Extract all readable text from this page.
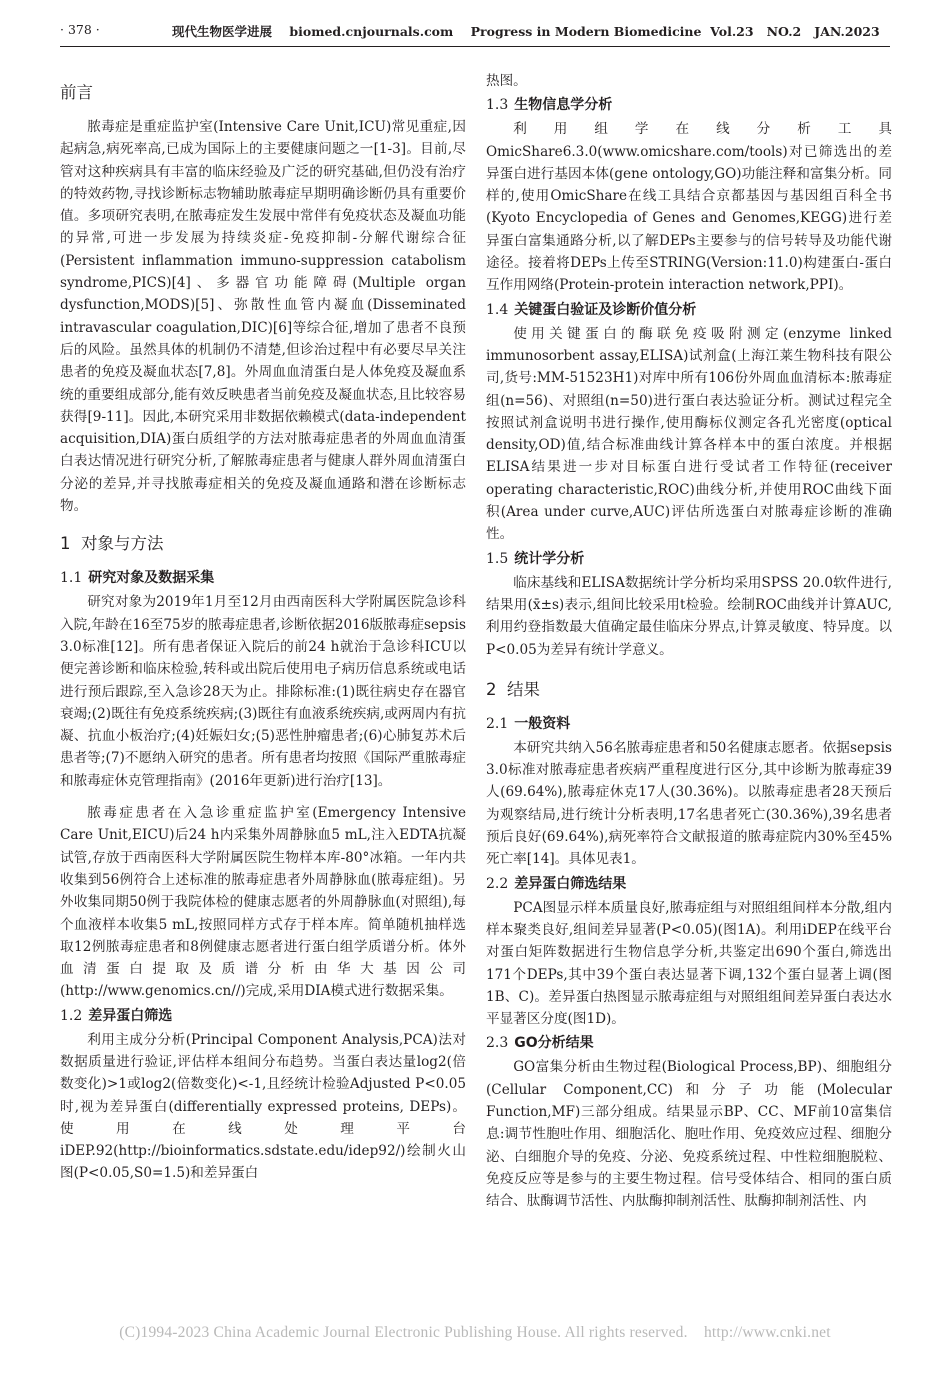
· 378 ·	现代生物医学进展    biomed.cnjournals.com    Progress in Modern Biomedicine  Vol.23   NO.2   JAN.2023
前言

脓毒症是重症监护室(Intensive Care Unit,ICU)常见重症,因起病急,病死率高,已成为国际上的主要健康问题之一[1-3]。目前,尽管对这种疾病具有丰富的临床经验及广泛的研究基础,但仍没有治疗的特效药物,寻找诊断标志物辅助脓毒症早期明确诊断仍具有重要价值。多项研究表明,在脓毒症发生发展中常伴有免疫状态及凝血功能的异常,可进一步发展为持续炎症-免疫抑制-分解代谢综合征(Persistent inflammation immuno-suppression catabolism syndrome,PICS)[4]、多器官功能障碍(Multiple organ dysfunction,MODS)[5]、弥散性血管内凝血(Disseminated intravascular coagulation,DIC)[6]等综合征,增加了患者不良预后的风险。虽然具体的机制仍不清楚,但诊治过程中有必要尽早关注患者的免疫及凝血状态[7,8]。外周血血清蛋白是人体免疫及凝血系统的重要组成部分,能有效反映患者当前免疫及凝血状态,且比较容易获得[9-11]。因此,本研究采用非数据依赖模式(data-independent acquisition,DIA)蛋白质组学的方法对脓毒症患者的外周血血清蛋白表达情况进行研究分析,了解脓毒症患者与健康人群外周血清蛋白分泌的差异,并寻找脓毒症相关的免疫及凝血通路和潜在诊断标志物。

1  对象与方法
1.1 研究对象及数据采集

研究对象为2019年1月至12月由西南医科大学附属医院急诊科入院,年龄在16至75岁的脓毒症患者,诊断依据2016版脓毒症sepsis 3.0标准[12]。所有患者保证入院后的前24 h就治于急诊科ICU以便完善诊断和临床检验,转科或出院后使用电子病历信息系统或电话进行预后跟踪,至入急诊28天为止。排除标准:(1)既往病史存在器官衰竭;(2)既往有免疫系统疾病;(3)既往有血液系统疾病,或两周内有抗凝、抗血小板治疗;(4)妊娠妇女;(5)恶性肿瘤患者;(6)心肺复苏术后患者等;(7)不愿纳入研究的患者。所有患者均按照《国际严重脓毒症和脓毒症休克管理指南》(2016年更新)进行治疗[13]。

脓毒症患者在入急诊重症监护室(Emergency Intensive Care Unit,EICU)后24 h内采集外周静脉血5 mL,注入EDTA抗凝试管,存放于西南医科大学附属医院生物样本库-80°冰箱。一年内共收集到56例符合上述标准的脓毒症患者外周静脉血(脓毒症组)。另外收集同期50例于我院体检的健康志愿者的外周静脉血(对照组),每个血液样本收集5 mL,按照同样方式存于样本库。简单随机抽样选取12例脓毒症患者和8例健康志愿者进行蛋白组学质谱分析。体外血清蛋白提取及质谱分析由华大基因公司(http://www.genomics.cn//)完成,采用DIA模式进行数据采集。

1.2 差异蛋白筛选

利用主成分分析(Principal Component Analysis,PCA)法对数据质量进行验证,评估样本组间分布趋势。当蛋白表达量log2(倍数变化)>1或log2(倍数变化)<-1,且经统计检验Adjusted P<0.05时,视为差异蛋白(differentially expressed proteins, DEPs)。使用在线处理平台iDEP.92(http://bioinformatics.sdstate.edu/idep92/)绘制火山图(P<0.05,S0=1.5)和差异蛋白

热图。
1.3 生物信息学分析

利用组学在线分析工具OmicShare6.3.0(www.omicshare.com/tools)对已筛选出的差异蛋白进行基因本体(gene ontology,GO)功能注释和富集分析。同样的,使用OmicShare在线工具结合京都基因与基因组百科全书(Kyoto Encyclopedia of Genes and Genomes,KEGG)进行差异蛋白富集通路分析,以了解DEPs主要参与的信号转导及功能代谢途径。接着将DEPs上传至STRING(Version:11.0)构建蛋白-蛋白互作用网络(Protein-protein interaction network,PPI)。

1.4 关键蛋白验证及诊断价值分析

使用关键蛋白的酶联免疫吸附测定(enzyme linked immunosorbent assay,ELISA)试剂盒(上海江莱生物科技有限公司,货号:MM-51523H1)对库中所有106份外周血血清标本:脓毒症组(n=56)、对照组(n=50)进行蛋白表达验证分析。测试过程完全按照试剂盒说明书进行操作,使用酶标仪测定各孔光密度(optical density,OD)值,结合标准曲线计算各样本中的蛋白浓度。并根据ELISA结果进一步对目标蛋白进行受试者工作特征(receiver operating characteristic,ROC)曲线分析,并使用ROC曲线下面积(Area under curve,AUC)评估所选蛋白对脓毒症诊断的准确性。

1.5 统计学分析

临床基线和ELISA数据统计学分析均采用SPSS 20.0软件进行,结果用(x̄±s)表示,组间比较采用t检验。绘制ROC曲线并计算AUC,利用约登指数最大值确定最佳临床分界点,计算灵敏度、特异度。以P<0.05为差异有统计学意义。

2  结果
2.1 一般资料

本研究共纳入56名脓毒症患者和50名健康志愿者。依据sepsis 3.0标准对脓毒症患者疾病严重程度进行区分,其中诊断为脓毒症39人(69.64%),脓毒症休克17人(30.36%)。以脓毒症患者28天预后为观察结局,进行统计分析表明,17名患者死亡(30.36%),39名患者预后良好(69.64%),病死率符合文献报道的脓毒症院内30%至45%死亡率[14]。具体见表1。

2.2 差异蛋白筛选结果

PCA图显示样本质量良好,脓毒症组与对照组组间样本分散,组内样本聚类良好,组间差异显著(P<0.05)(图1A)。利用iDEP在线平台对蛋白矩阵数据进行生物信息学分析,共鉴定出690个蛋白,筛选出171个DEPs,其中39个蛋白表达显著下调,132个蛋白显著上调(图1B、C)。差异蛋白热图显示脓毒症组与对照组组间差异蛋白表达水平显著区分度(图1D)。

2.3 GO分析结果

GO富集分析由生物过程(Biological Process,BP)、细胞组分(Cellular Component,CC)和分子功能(Molecular Function,MF)三部分组成。结果显示BP、CC、MF前10富集信息:调节性胞吐作用、细胞活化、胞吐作用、免疫效应过程、细胞分泌、白细胞介导的免疫、分泌、免疫系统过程、中性粒细胞脱粒、免疫反应等是参与的主要生物过程。信号受体结合、相同的蛋白质结合、肽酶调节活性、内肽酶抑制剂活性、肽酶抑制剂活性、内

(C)1994-2023 China Academic Journal Electronic Publishing House. All rights reserved.    http://www.cnki.net
